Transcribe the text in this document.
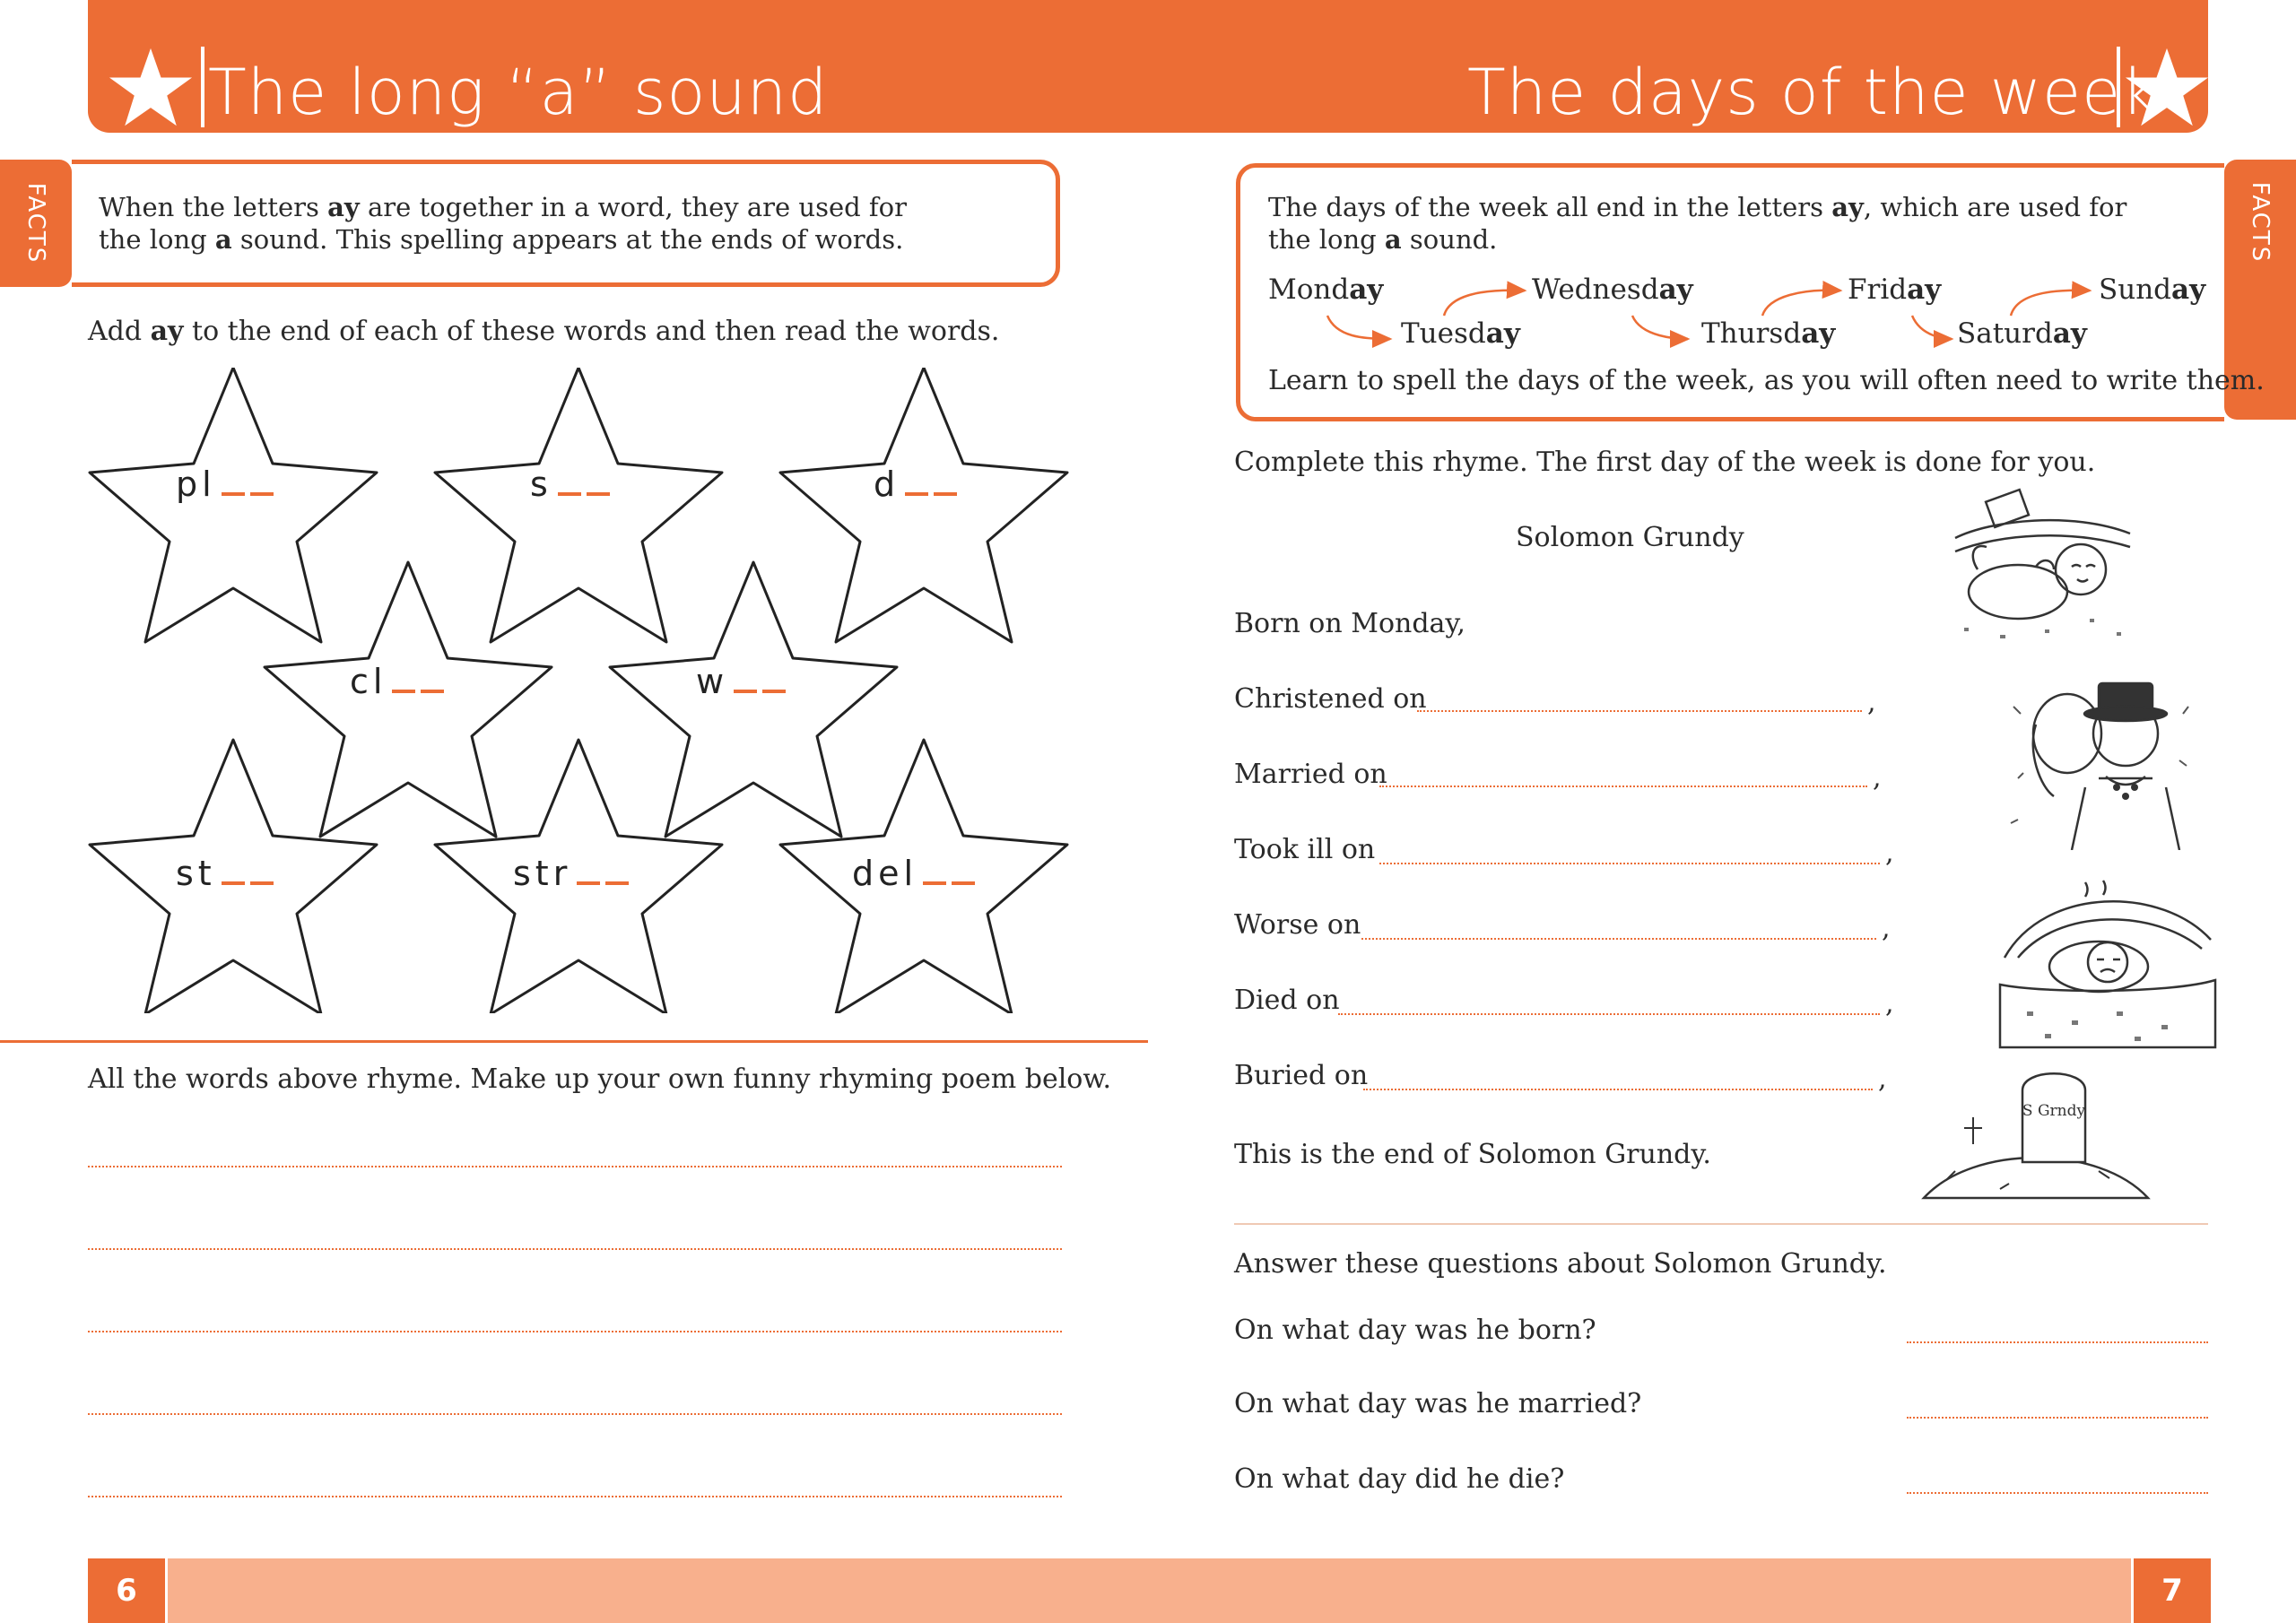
The long “a” sound	The days of the week
FACTS When the letters ay are together in a word, they are used for
the long a sound. This spelling appears at the ends of words.
Add ay to the end of each of these words and then read the words.
pl	s	d
cl	w
st	str	del
All the words above rhyme. Make up your own funny rhyming poem below.
FACTS
The days of the week all end in the letters ay, which are used for
the long a sound.
Monday
Tuesday
Wednesday
Thursday
Friday
Saturday
Sunday
Learn to spell the days of the week, as you will often need to write them.
Complete this rhyme. The first day of the week is done for you.
Solomon Grundy
Born on Monday,
Christened on	,
Married on	,
Took ill on	,
Worse on	,
Died on	,
Buried on	,
This is the end of Solomon Grundy.
S Grndy
Answer these questions about Solomon Grundy.
On what day was he born?
On what day was he married?
On what day did he die?
6	7
